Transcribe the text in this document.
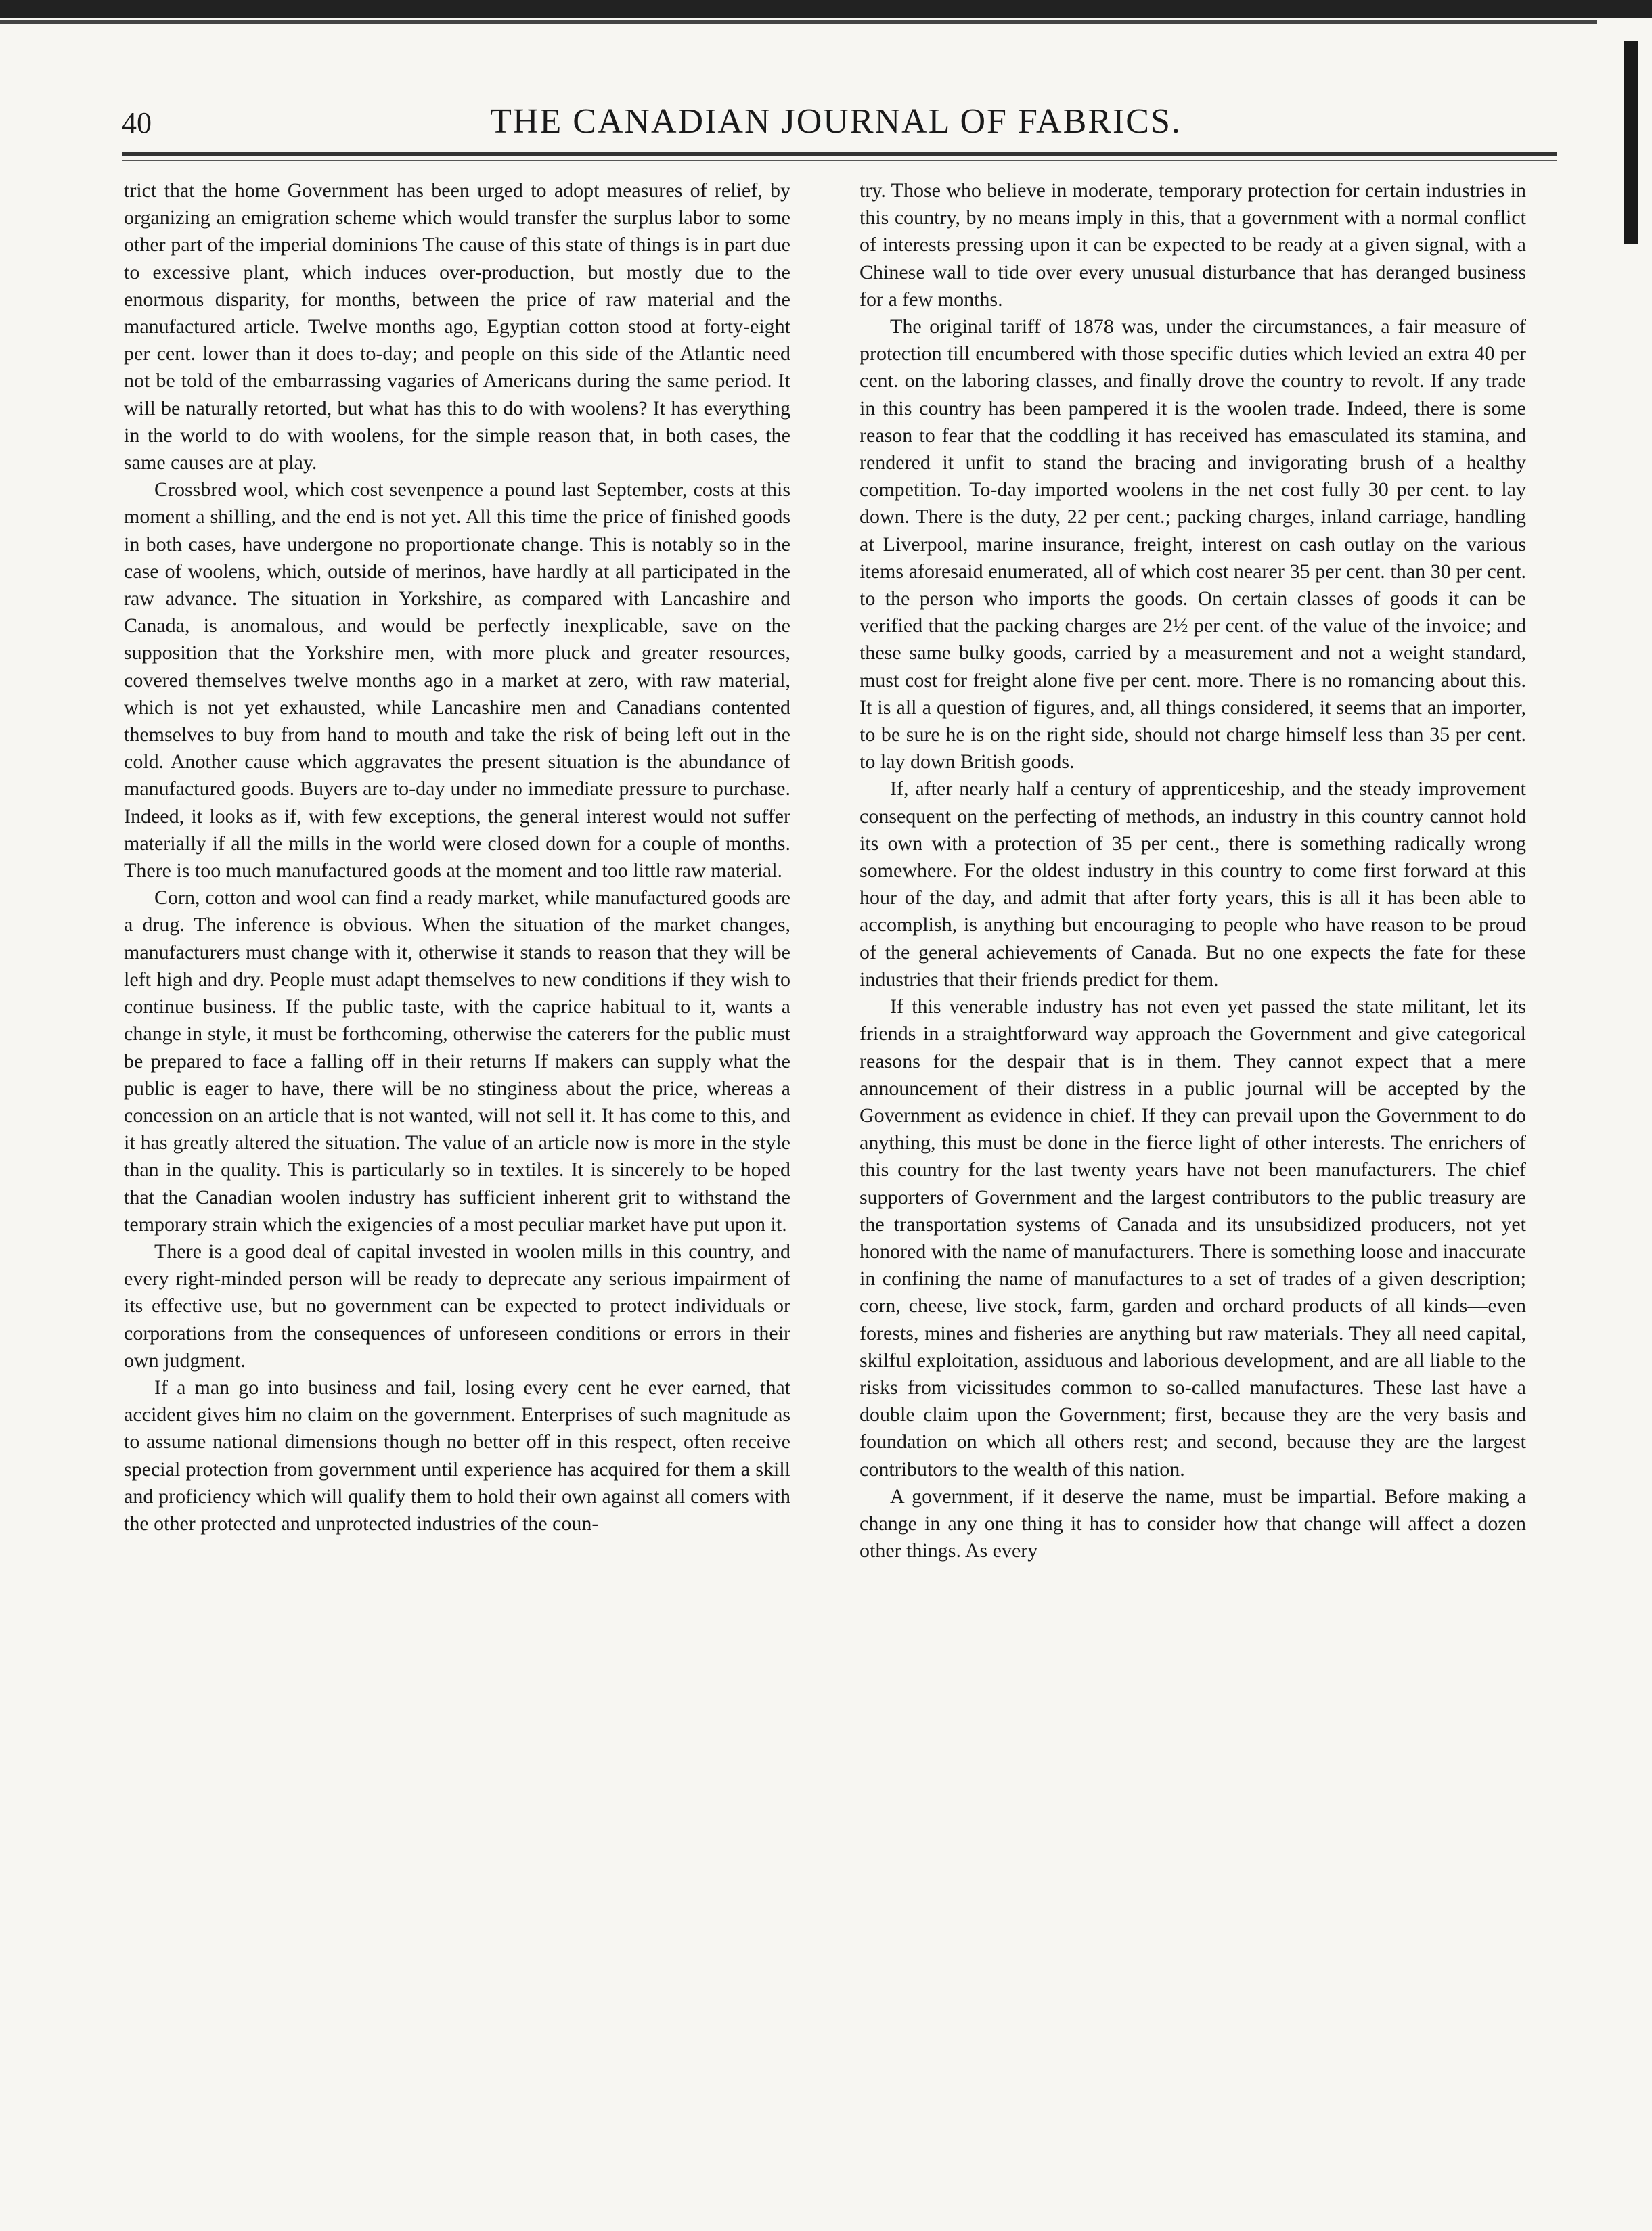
40	THE CANADIAN JOURNAL OF FABRICS.

trict that the home Government has been urged to adopt measures of relief, by organizing an emigration scheme which would transfer the surplus labor to some other part of the imperial dominions The cause of this state of things is in part due to excessive plant, which induces over-production, but mostly due to the enormous disparity, for months, between the price of raw material and the manufactured article. Twelve months ago, Egyptian cotton stood at forty-eight per cent. lower than it does to-day; and people on this side of the Atlantic need not be told of the embarrassing vagaries of Americans during the same period. It will be naturally retorted, but what has this to do with woolens? It has everything in the world to do with woolens, for the simple reason that, in both cases, the same causes are at play.

Crossbred wool, which cost sevenpence a pound last September, costs at this moment a shilling, and the end is not yet. All this time the price of finished goods in both cases, have undergone no proportionate change. This is notably so in the case of woolens, which, outside of merinos, have hardly at all participated in the raw advance. The situation in Yorkshire, as compared with Lancashire and Canada, is anomalous, and would be perfectly inexplicable, save on the supposition that the Yorkshire men, with more pluck and greater resources, covered themselves twelve months ago in a market at zero, with raw material, which is not yet exhausted, while Lancashire men and Canadians contented themselves to buy from hand to mouth and take the risk of being left out in the cold. Another cause which aggravates the present situation is the abundance of manufactured goods. Buyers are to-day under no immediate pressure to purchase. Indeed, it looks as if, with few exceptions, the general interest would not suffer materially if all the mills in the world were closed down for a couple of months. There is too much manufactured goods at the moment and too little raw material.

Corn, cotton and wool can find a ready market, while manufactured goods are a drug. The inference is obvious. When the situation of the market changes, manufacturers must change with it, otherwise it stands to reason that they will be left high and dry. People must adapt themselves to new conditions if they wish to continue business. If the public taste, with the caprice habitual to it, wants a change in style, it must be forthcoming, otherwise the caterers for the public must be prepared to face a falling off in their returns If makers can supply what the public is eager to have, there will be no stinginess about the price, whereas a concession on an article that is not wanted, will not sell it. It has come to this, and it has greatly altered the situation. The value of an article now is more in the style than in the quality. This is particularly so in textiles. It is sincerely to be hoped that the Canadian woolen industry has sufficient inherent grit to withstand the temporary strain which the exigencies of a most peculiar market have put upon it.

There is a good deal of capital invested in woolen mills in this country, and every right-minded person will be ready to deprecate any serious impairment of its effective use, but no government can be expected to protect individuals or corporations from the consequences of unforeseen conditions or errors in their own judgment.

If a man go into business and fail, losing every cent he ever earned, that accident gives him no claim on the government. Enterprises of such magnitude as to assume national dimensions though no better off in this respect, often receive special protection from government until experience has acquired for them a skill and proficiency which will qualify them to hold their own against all comers with the other protected and unprotected industries of the coun-

try. Those who believe in moderate, temporary protection for certain industries in this country, by no means imply in this, that a government with a normal conflict of interests pressing upon it can be expected to be ready at a given signal, with a Chinese wall to tide over every unusual disturbance that has deranged business for a few months.

The original tariff of 1878 was, under the circumstances, a fair measure of protection till encumbered with those specific duties which levied an extra 40 per cent. on the laboring classes, and finally drove the country to revolt. If any trade in this country has been pampered it is the woolen trade. Indeed, there is some reason to fear that the coddling it has received has emasculated its stamina, and rendered it unfit to stand the bracing and invigorating brush of a healthy competition. To-day imported woolens in the net cost fully 30 per cent. to lay down. There is the duty, 22 per cent.; packing charges, inland carriage, handling at Liverpool, marine insurance, freight, interest on cash outlay on the various items aforesaid enumerated, all of which cost nearer 35 per cent. than 30 per cent. to the person who imports the goods. On certain classes of goods it can be verified that the packing charges are 2½ per cent. of the value of the invoice; and these same bulky goods, carried by a measurement and not a weight standard, must cost for freight alone five per cent. more. There is no romancing about this. It is all a question of figures, and, all things considered, it seems that an importer, to be sure he is on the right side, should not charge himself less than 35 per cent. to lay down British goods.

If, after nearly half a century of apprenticeship, and the steady improvement consequent on the perfecting of methods, an industry in this country cannot hold its own with a protection of 35 per cent., there is something radically wrong somewhere. For the oldest industry in this country to come first forward at this hour of the day, and admit that after forty years, this is all it has been able to accomplish, is anything but encouraging to people who have reason to be proud of the general achievements of Canada. But no one expects the fate for these industries that their friends predict for them.

If this venerable industry has not even yet passed the state militant, let its friends in a straightforward way approach the Government and give categorical reasons for the despair that is in them. They cannot expect that a mere announcement of their distress in a public journal will be accepted by the Government as evidence in chief. If they can prevail upon the Government to do anything, this must be done in the fierce light of other interests. The enrichers of this country for the last twenty years have not been manufacturers. The chief supporters of Government and the largest contributors to the public treasury are the transportation systems of Canada and its unsubsidized producers, not yet honored with the name of manufacturers. There is something loose and inaccurate in confining the name of manufactures to a set of trades of a given description; corn, cheese, live stock, farm, garden and orchard products of all kinds—even forests, mines and fisheries are anything but raw materials. They all need capital, skilful exploitation, assiduous and laborious development, and are all liable to the risks from vicissitudes common to so-called manufactures. These last have a double claim upon the Government; first, because they are the very basis and foundation on which all others rest; and second, because they are the largest contributors to the wealth of this nation.

A government, if it deserve the name, must be impartial. Before making a change in any one thing it has to consider how that change will affect a dozen other things. As every
